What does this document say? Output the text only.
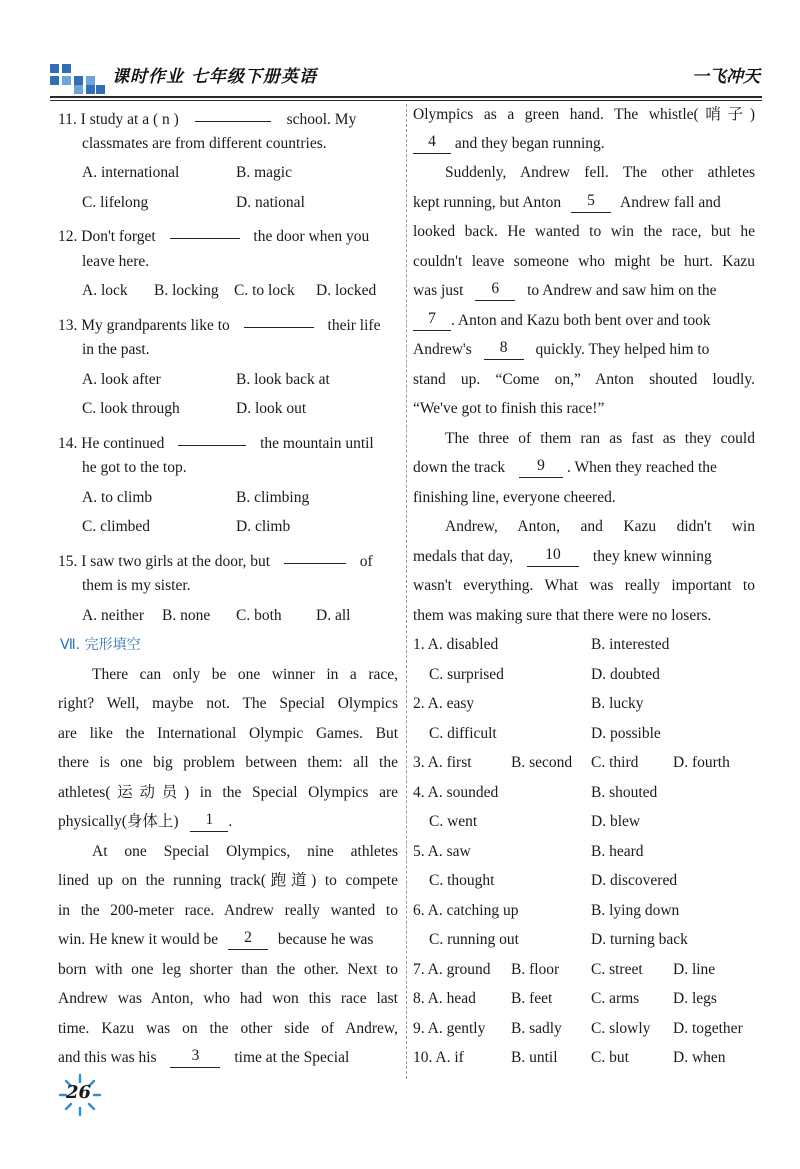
课时作业 七年级下册英语	一飞冲天
11. I study at a ( n )	school. My
classmates are from different countries.
A. international	B. magic
C. lifelong	D. national
12. Don't forget	the door when you
leave here.
A. lock B. locking C. to lock D. locked
13. My grandparents like to	their life
in the past.
A. look after	B. look back at
C. look through	D. look out
14. He continued	the mountain until
he got to the top.
A. to climb	B. climbing
C. climbed	D. climb
15. I saw two girls at the door, but	of
them is my sister.
A. neither B. none C. both D. all
Ⅶ. 完形填空
There can only be one winner in a race,
right? Well, maybe not. The Special Olympics
are like the International Olympic Games. But
there is one big problem between them: all the
athletes(运动员) in the Special Olympics are
physically(身体上) 1 .
At one Special Olympics, nine athletes
lined up on the running track(跑道) to compete
in the 200-meter race. Andrew really wanted to
win. He knew it would be 2 because he was
born with one leg shorter than the other. Next to
Andrew was Anton, who had won this race last
time. Kazu was on the other side of Andrew,
and this was his 3 time at the Special
Olympics as a green hand. The whistle(哨子)
4 and they began running.
Suddenly, Andrew fell. The other athletes
kept running, but Anton 5 Andrew fall and
looked back. He wanted to win the race, but he
couldn't leave someone who might be hurt. Kazu
was just 6 to Andrew and saw him on the
7 . Anton and Kazu both bent over and took
Andrew's 8 quickly. They helped him to
stand up. “Come on,” Anton shouted loudly.
“We've got to finish this race!”
The three of them ran as fast as they could
down the track 9 . When they reached the
finishing line, everyone cheered.
Andrew, Anton, and Kazu didn't win
medals that day, 10 they knew winning
wasn't everything. What was really important to
them was making sure that there were no losers.
1. A. disabled	B. interested
C. surprised	D. doubted
2. A. easy	B. lucky
C. difficult	D. possible
3. A. first	B. second C. third D. fourth
4. A. sounded	B. shouted
C. went	D. blew
5. A. saw	B. heard
C. thought	D. discovered
6. A. catching up	B. lying down
C. running out	D. turning back
7. A. ground B. floor C. street D. line
8. A. head B. feet C. arms D. legs
9. A. gently B. sadly C. slowly D. together
10. A. if	B. until C. but	D. when
26
